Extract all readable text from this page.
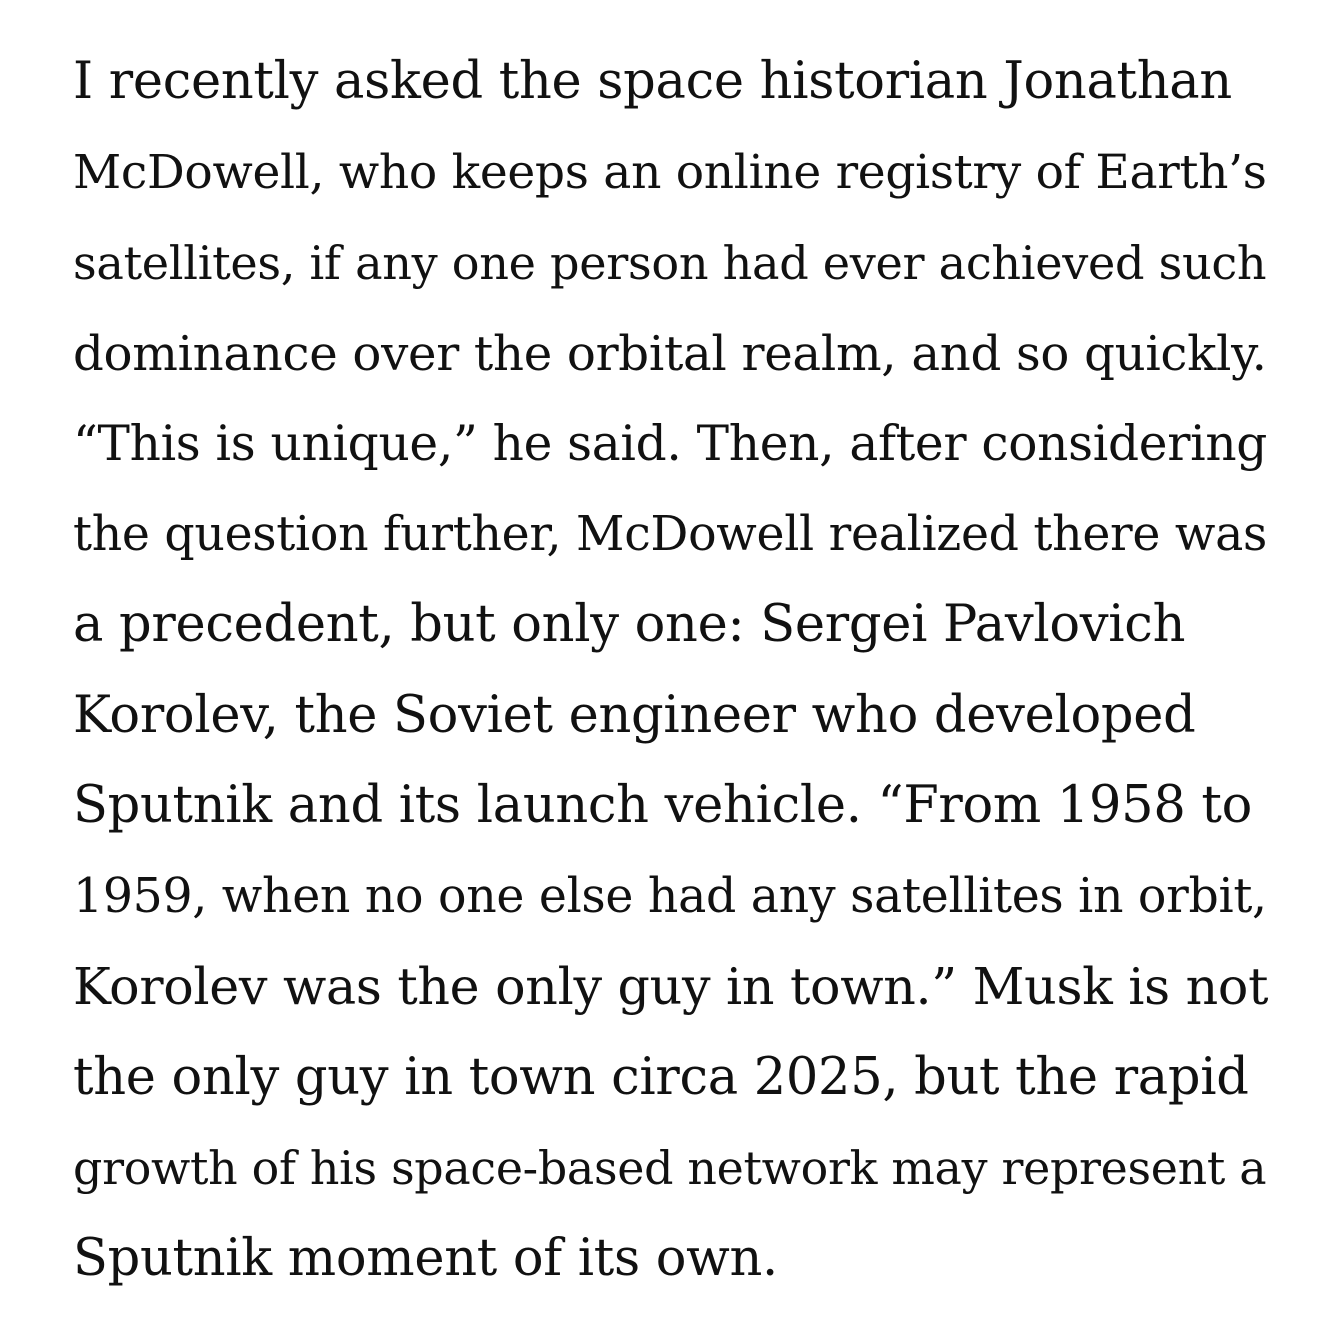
I recently asked the space historian Jonathan
McDowell, who keeps an online registry of Earth’s
satellites, if any one person had ever achieved such
dominance over the orbital realm, and so quickly.
“This is unique,” he said. Then, after considering
the question further, McDowell realized there was
a precedent, but only one: Sergei Pavlovich
Korolev, the Soviet engineer who developed
Sputnik and its launch vehicle. “From 1958 to
1959, when no one else had any satellites in orbit,
Korolev was the only guy in town.” Musk is not
the only guy in town circa 2025, but the rapid
growth of his space-based network may represent a
Sputnik moment of its own.
